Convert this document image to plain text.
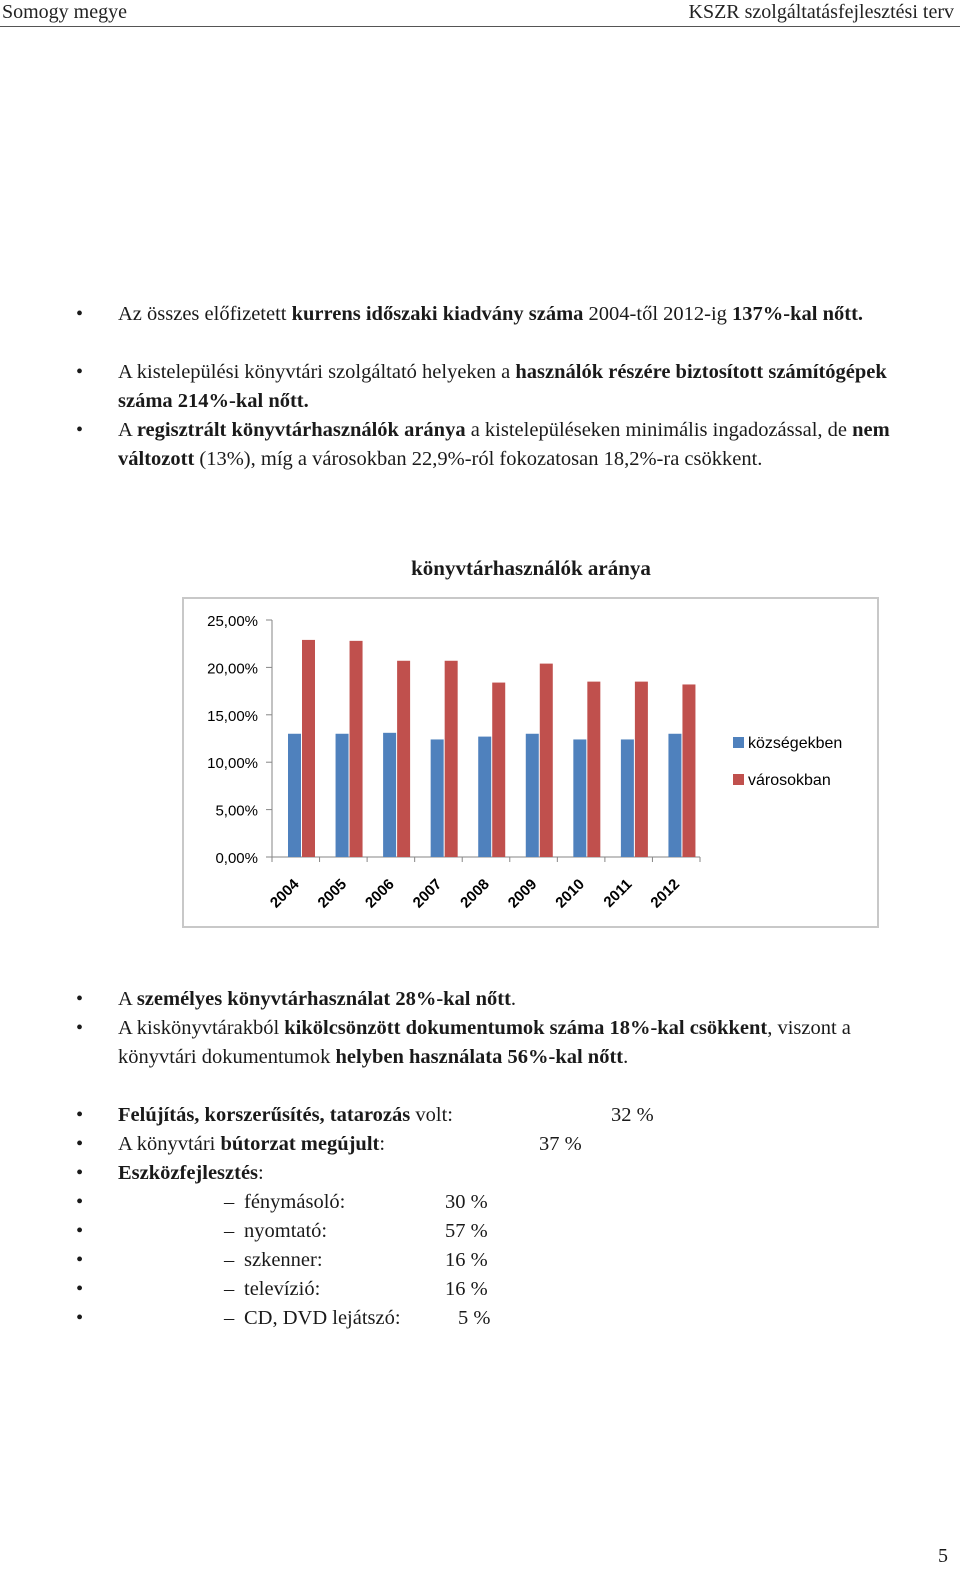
Somogy megye	KSZR szolgáltatásfejlesztési terv
• Az összes előfizetett kurrens időszaki kiadvány száma 2004-től 2012-ig 137%-kal nőtt.
• A kistelepülési könyvtári szolgáltató helyeken a használók részére biztosított számítógépek száma 214%-kal nőtt.
• A regisztrált könyvtárhasználók aránya a kistelepüléseken minimális ingadozással, de nem változott (13%), míg a városokban 22,9%-ról fokozatosan 18,2%-ra csökkent.
könyvtárhasználók aránya
0,00%
5,00%
10,00%
15,00%
20,00%
25,00%
2004 2005 2006 2007 2008 2009 2010 2011 2012
községekben
városokban
• A személyes könyvtárhasználat 28%-kal nőtt.
• A kiskönyvtárakból kikölcsönzött dokumentumok száma 18%-kal csökkent, viszont a könyvtári dokumentumok helyben használata 56%-kal nőtt.
• Felújítás, korszerűsítés, tatarozás volt:	32 %
• A könyvtári bútorzat megújult:	37 %
• Eszközfejlesztés:
•	– fénymásoló:	30 %
•	– nyomtató:	57 %
•	– szkenner:	16 %
•	– televízió:	16 %
•	– CD, DVD lejátszó:	5 %
5
